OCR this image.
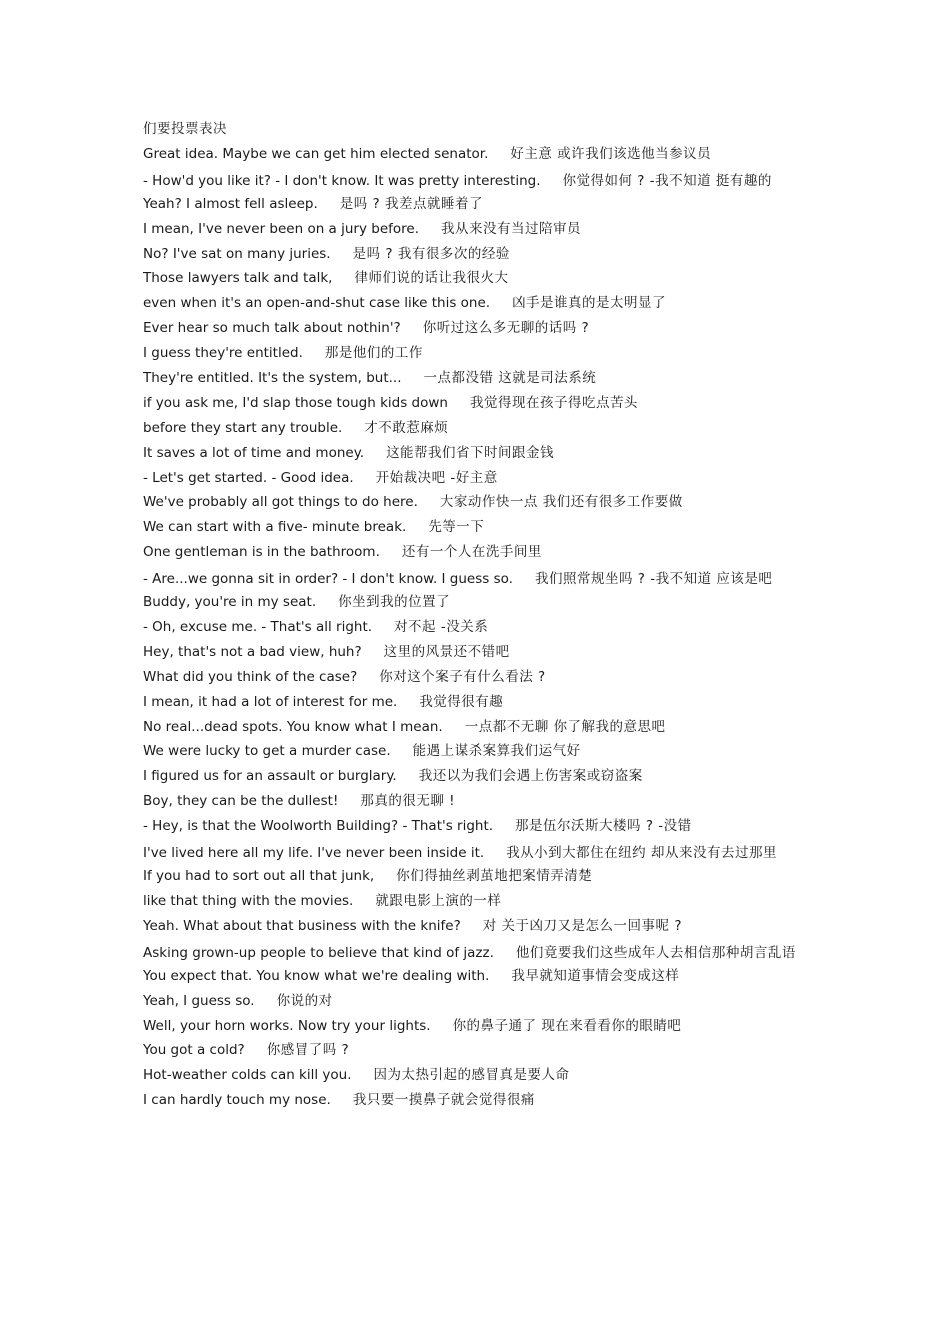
们要投票表决
Great idea. Maybe we can get him elected senator. 好主意 或许我们该选他当参议员
- How'd you like it? - I don't know. It was pretty interesting. 你觉得如何 ? -我不知道 挺有趣的
Yeah? I almost fell asleep. 是吗 ? 我差点就睡着了
I mean, I've never been on a jury before. 我从来没有当过陪审员
No? I've sat on many juries. 是吗 ? 我有很多次的经验
Those lawyers talk and talk, 律师们说的话让我很火大
even when it's an open-and-shut case like this one. 凶手是谁真的是太明显了
Ever hear so much talk about nothin'? 你听过这么多无聊的话吗 ?
I guess they're entitled. 那是他们的工作
They're entitled. It's the system, but... 一点都没错 这就是司法系统
if you ask me, I'd slap those tough kids down 我觉得现在孩子得吃点苦头
before they start any trouble. 才不敢惹麻烦
It saves a lot of time and money. 这能帮我们省下时间跟金钱
- Let's get started. - Good idea. 开始裁决吧 -好主意
We've probably all got things to do here. 大家动作快一点 我们还有很多工作要做
We can start with a five- minute break. 先等一下
One gentleman is in the bathroom. 还有一个人在洗手间里
- Are...we gonna sit in order? - I don't know. I guess so. 我们照常规坐吗 ? -我不知道 应该是吧
Buddy, you're in my seat. 你坐到我的位置了
- Oh, excuse me. - That's all right. 对不起 -没关系
Hey, that's not a bad view, huh? 这里的风景还不错吧
What did you think of the case? 你对这个案子有什么看法 ?
I mean, it had a lot of interest for me. 我觉得很有趣
No real...dead spots. You know what I mean. 一点都不无聊 你了解我的意思吧
We were lucky to get a murder case. 能遇上谋杀案算我们运气好
I figured us for an assault or burglary. 我还以为我们会遇上伤害案或窃盗案
Boy, they can be the dullest! 那真的很无聊 !
- Hey, is that the Woolworth Building? - That's right. 那是伍尔沃斯大楼吗 ? -没错
I've lived here all my life. I've never been inside it. 我从小到大都住在纽约 却从来没有去过那里
If you had to sort out all that junk, 你们得抽丝剥茧地把案情弄清楚
like that thing with the movies. 就跟电影上演的一样
Yeah. What about that business with the knife? 对 关于凶刀又是怎么一回事呢 ?
Asking grown-up people to believe that kind of jazz. 他们竟要我们这些成年人去相信那种胡言乱语
You expect that. You know what we're dealing with. 我早就知道事情会变成这样
Yeah, I guess so. 你说的对
Well, your horn works. Now try your lights. 你的鼻子通了 现在来看看你的眼睛吧
You got a cold? 你感冒了吗 ?
Hot-weather colds can kill you. 因为太热引起的感冒真是要人命
I can hardly touch my nose. 我只要一摸鼻子就会觉得很痛
